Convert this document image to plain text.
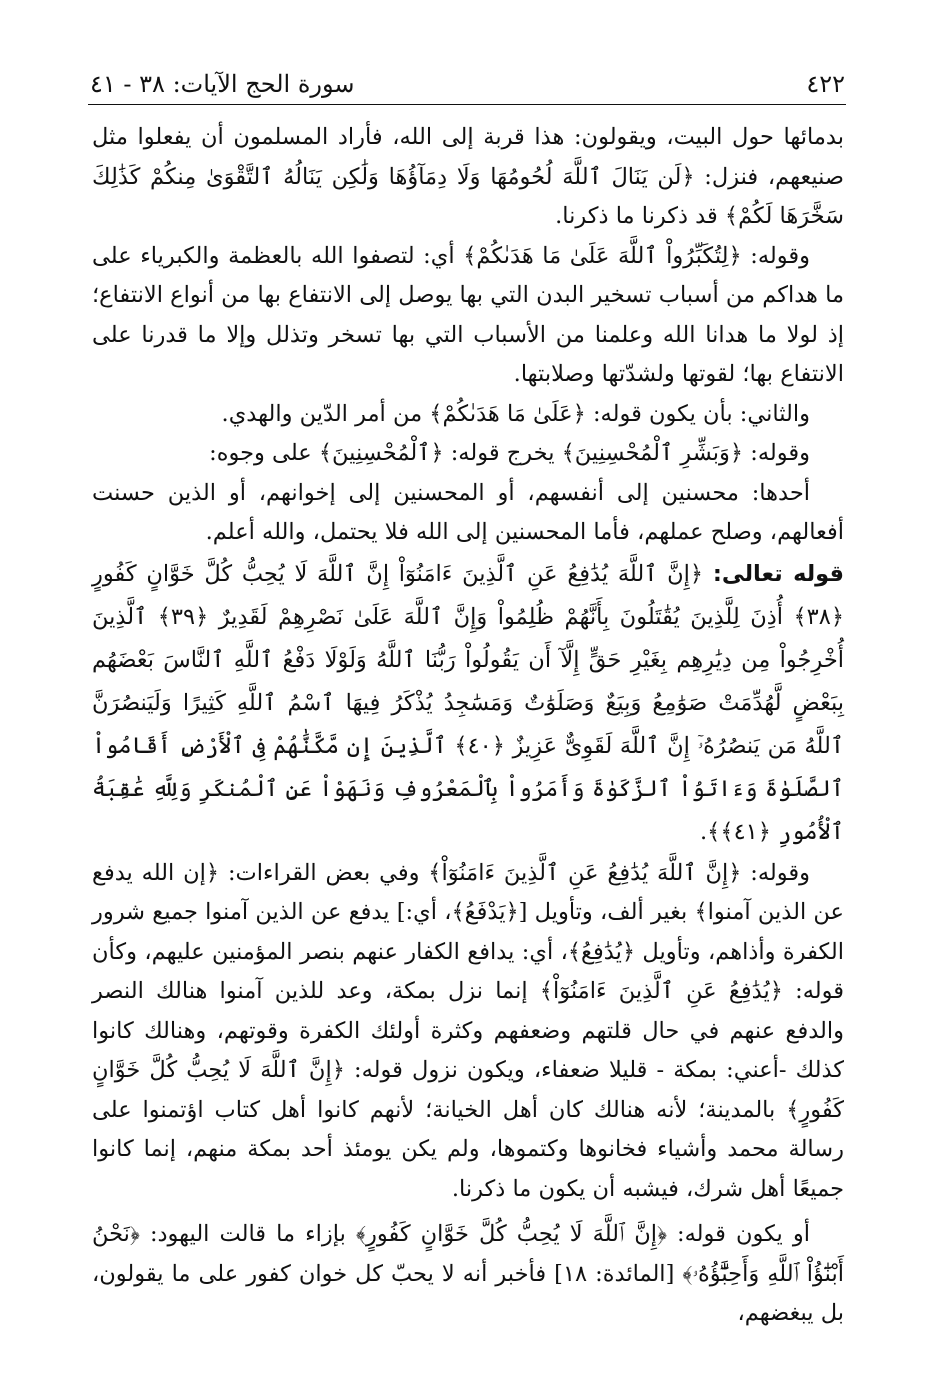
٤٢٢
سورة الحج الآيات: ٣٨ - ٤١

بدمائها حول البيت، ويقولون: هذا قربة إلى الله، فأراد المسلمون أن يفعلوا مثل صنيعهم، فنزل: ﴿لَن يَنَالَ ٱللَّهَ لُحُومُهَا وَلَا دِمَآؤُهَا وَلَٰكِن يَنَالُهُ ٱلتَّقْوَىٰ مِنكُمْ كَذَٰلِكَ سَخَّرَهَا لَكُمْ﴾ قد ذكرنا ما ذكرنا.

وقوله: ﴿لِتُكَبِّرُواْ ٱللَّهَ عَلَىٰ مَا هَدَىٰكُمْ﴾ أي: لتصفوا الله بالعظمة والكبرياء على ما هداكم من أسباب تسخير البدن التي بها يوصل إلى الانتفاع بها من أنواع الانتفاع؛ إذ لولا ما هدانا الله وعلمنا من الأسباب التي بها تسخر وتذلل وإلا ما قدرنا على الانتفاع بها؛ لقوتها ولشدّتها وصلابتها.

والثاني: بأن يكون قوله: ﴿عَلَىٰ مَا هَدَىٰكُمْ﴾ من أمر الدّين والهدي.

وقوله: ﴿وَبَشِّرِ ٱلْمُحْسِنِينَ﴾ يخرج قوله: ﴿ٱلْمُحْسِنِينَ﴾ على وجوه:

أحدها: محسنين إلى أنفسهم، أو المحسنين إلى إخوانهم، أو الذين حسنت أفعالهم، وصلح عملهم، فأما المحسنين إلى الله فلا يحتمل، والله أعلم.

قوله تعالى: ﴿إِنَّ ٱللَّهَ يُدَٰفِعُ عَنِ ٱلَّذِينَ ءَامَنُوٓاْ إِنَّ ٱللَّهَ لَا يُحِبُّ كُلَّ خَوَّانٍ كَفُورٍ ﴿٣٨﴾ أُذِنَ لِلَّذِينَ يُقَٰتَلُونَ بِأَنَّهُمْ ظُلِمُواْ وَإِنَّ ٱللَّهَ عَلَىٰ نَصْرِهِمْ لَقَدِيرٌ ﴿٣٩﴾ ٱلَّذِينَ أُخْرِجُواْ مِن دِيَٰرِهِم بِغَيْرِ حَقٍّ إِلَّآ أَن يَقُولُواْ رَبُّنَا ٱللَّهُ وَلَوْلَا دَفْعُ ٱللَّهِ ٱلنَّاسَ بَعْضَهُم بِبَعْضٍ لَّهُدِّمَتْ صَوَٰمِعُ وَبِيَعٌ وَصَلَوَٰتٌ وَمَسَٰجِدُ يُذْكَرُ فِيهَا ٱسْمُ ٱللَّهِ كَثِيرًا وَلَيَنصُرَنَّ ٱللَّهُ مَن يَنصُرُهُۥٓ إِنَّ ٱللَّهَ لَقَوِىٌّ عَزِيزٌ ﴿٤٠﴾ ٱلَّذِينَ إِن مَّكَّنَّٰهُمْ فِى ٱلْأَرْضِ أَقَامُواْ ٱلصَّلَوٰةَ وَءَاتَوُاْ ٱلزَّكَوٰةَ وَأَمَرُواْ بِٱلْمَعْرُوفِ وَنَهَوْاْ عَنِ ٱلْمُنكَرِ وَلِلَّهِ عَٰقِبَةُ ٱلْأُمُورِ ﴿٤١﴾﴾.

وقوله: ﴿إِنَّ ٱللَّهَ يُدَٰفِعُ عَنِ ٱلَّذِينَ ءَامَنُوٓاْ﴾ وفي بعض القراءات: ﴿إن الله يدفع عن الذين آمنوا﴾ بغير ألف، وتأويل [﴿يَدْفَعُ﴾، أي:] يدفع عن الذين آمنوا جميع شرور الكفرة وأذاهم، وتأويل ﴿يُدَٰفِعُ﴾، أي: يدافع الكفار عنهم بنصر المؤمنين عليهم، وكأن قوله: ﴿يُدَٰفِعُ عَنِ ٱلَّذِينَ ءَامَنُوٓاْ﴾ إنما نزل بمكة، وعد للذين آمنوا هنالك النصر والدفع عنهم في حال قلتهم وضعفهم وكثرة أولئك الكفرة وقوتهم، وهنالك كانوا كذلك -أعني: بمكة - قليلا ضعفاء، ويكون نزول قوله: ﴿إِنَّ ٱللَّهَ لَا يُحِبُّ كُلَّ خَوَّانٍ كَفُورٍ﴾ بالمدينة؛ لأنه هنالك كان أهل الخيانة؛ لأنهم كانوا أهل كتاب اؤتمنوا على رسالة محمد وأشياء فخانوها وكتموها، ولم يكن يومئذ أحد بمكة منهم، إنما كانوا جميعًا أهل شرك، فيشبه أن يكون ما ذكرنا.

أو يكون قوله: ﴿إِنَّ ٱللَّهَ لَا يُحِبُّ كُلَّ خَوَّانٍ كَفُورٍ﴾ بإزاء ما قالت اليهود: ﴿نَحْنُ أَبْنَٰٓؤُاْ ٱللَّهِ وَأَحِبَّٰٓؤُهُۥ﴾ [المائدة: ١٨] فأخبر أنه لا يحبّ كل خوان كفور على ما يقولون، بل يبغضهم،
